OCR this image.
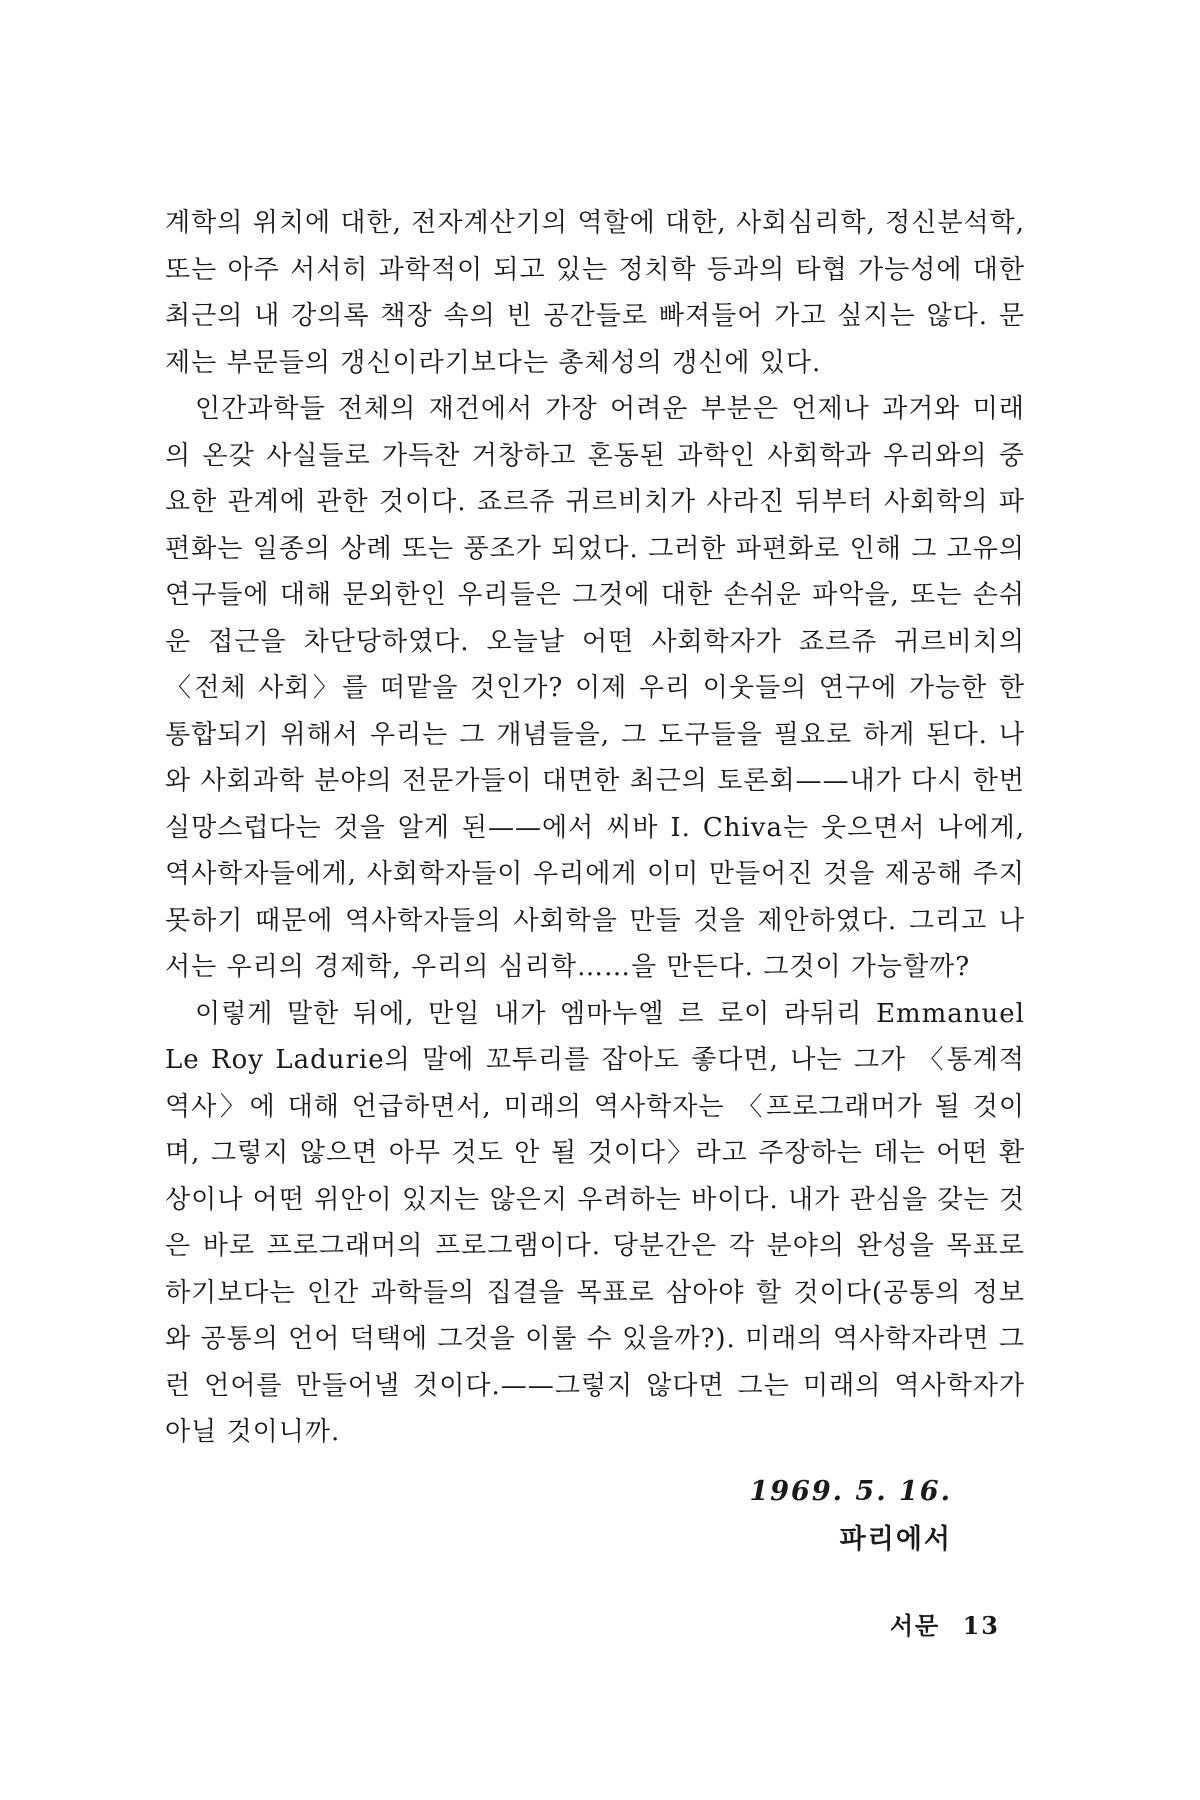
계학의 위치에 대한, 전자계산기의 역할에 대한, 사회심리학, 정신분석학, 또는 아주 서서히 과학적이 되고 있는 정치학 등과의 타협 가능성에 대한 최근의 내 강의록 책장 속의 빈 공간들로 빠져들어 가고 싶지는 않다. 문제는 부문들의 갱신이라기보다는 총체성의 갱신에 있다.

인간과학들 전체의 재건에서 가장 어려운 부분은 언제나 과거와 미래의 온갖 사실들로 가득찬 거창하고 혼동된 과학인 사회학과 우리와의 중요한 관계에 관한 것이다. 죠르쥬 귀르비치가 사라진 뒤부터 사회학의 파편화는 일종의 상례 또는 풍조가 되었다. 그러한 파편화로 인해 그 고유의 연구들에 대해 문외한인 우리들은 그것에 대한 손쉬운 파악을, 또는 손쉬운 접근을 차단당하였다. 오늘날 어떤 사회학자가 죠르쥬 귀르비치의 〈전체 사회〉를 떠맡을 것인가? 이제 우리 이웃들의 연구에 가능한 한 통합되기 위해서 우리는 그 개념들을, 그 도구들을 필요로 하게 된다. 나와 사회과학 분야의 전문가들이 대면한 최근의 토론회——내가 다시 한번 실망스럽다는 것을 알게 된——에서 씨바 I. Chiva는 웃으면서 나에게, 역사학자들에게, 사회학자들이 우리에게 이미 만들어진 것을 제공해 주지 못하기 때문에 역사학자들의 사회학을 만들 것을 제안하였다. 그리고 나서는 우리의 경제학, 우리의 심리학……을 만든다. 그것이 가능할까?

이렇게 말한 뒤에, 만일 내가 엠마누엘 르 로이 라뒤리 Emmanuel Le Roy Ladurie의 말에 꼬투리를 잡아도 좋다면, 나는 그가 〈통계적 역사〉에 대해 언급하면서, 미래의 역사학자는 〈프로그래머가 될 것이며, 그렇지 않으면 아무 것도 안 될 것이다〉라고 주장하는 데는 어떤 환상이나 어떤 위안이 있지는 않은지 우려하는 바이다. 내가 관심을 갖는 것은 바로 프로그래머의 프로그램이다. 당분간은 각 분야의 완성을 목표로 하기보다는 인간 과학들의 집결을 목표로 삼아야 할 것이다(공통의 정보와 공통의 언어 덕택에 그것을 이룰 수 있을까?). 미래의 역사학자라면 그런 언어를 만들어낼 것이다.——그렇지 않다면 그는 미래의 역사학자가 아닐 것이니까.

1969. 5. 16.
파리에서
서문 13
